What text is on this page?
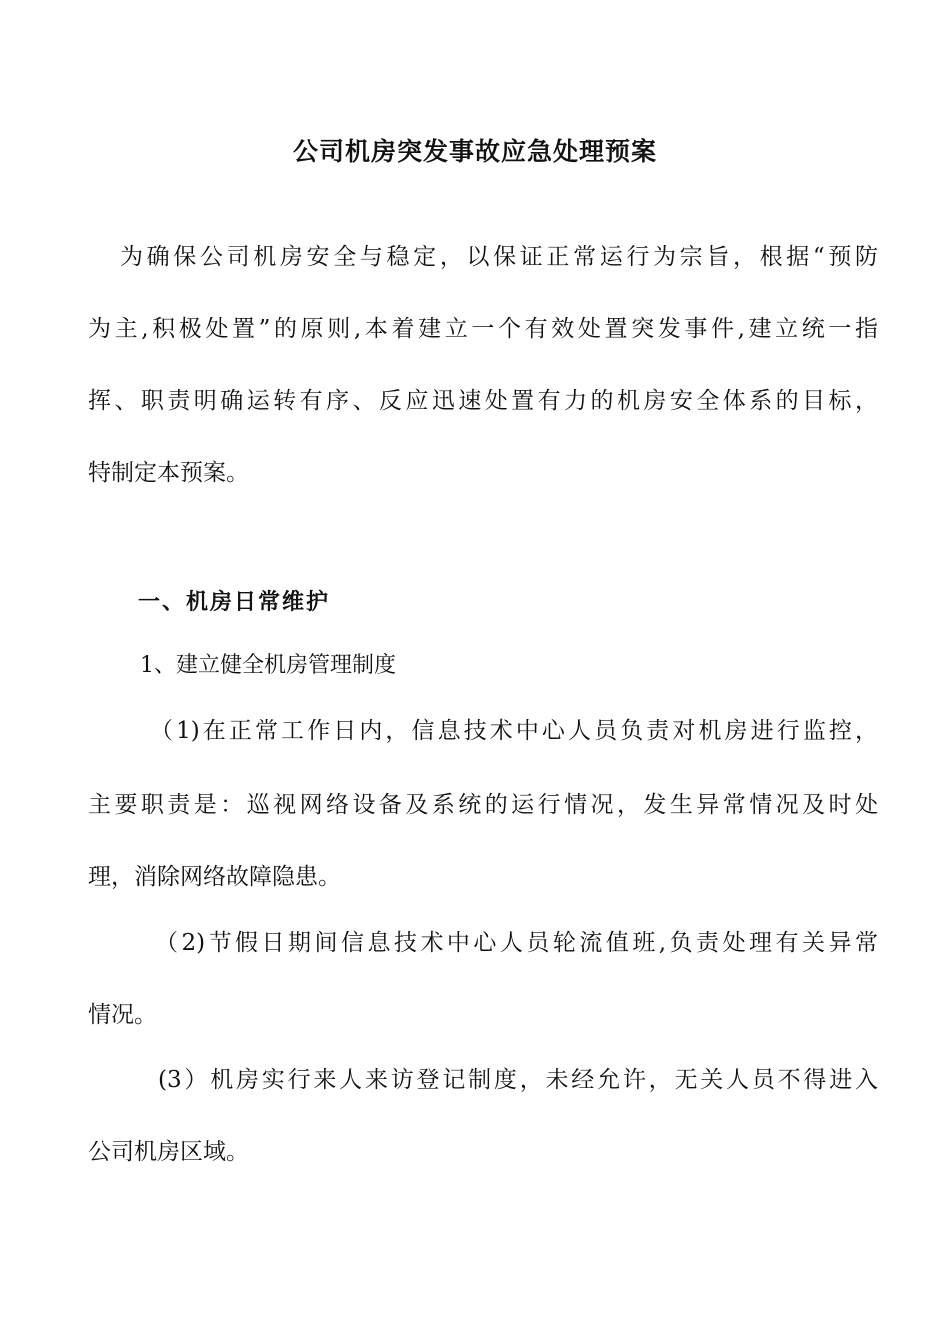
公司机房突发事故应急处理预案
为确保公司机房安全与稳定，以保证正常运行为宗旨，根据“预防
为主,积极处置”的原则,本着建立一个有效处置突发事件,建立统一指
挥、职责明确运转有序、反应迅速处置有力的机房安全体系的目标，
特制定本预案。
一、机房日常维护
1、建立健全机房管理制度
（1)在正常工作日内，信息技术中心人员负责对机房进行监控，
主要职责是：巡视网络设备及系统的运行情况，发生异常情况及时处
理，消除网络故障隐患。
（2)节假日期间信息技术中心人员轮流值班,负责处理有关异常
情况。
(3）机房实行来人来访登记制度，未经允许，无关人员不得进入
公司机房区域。
